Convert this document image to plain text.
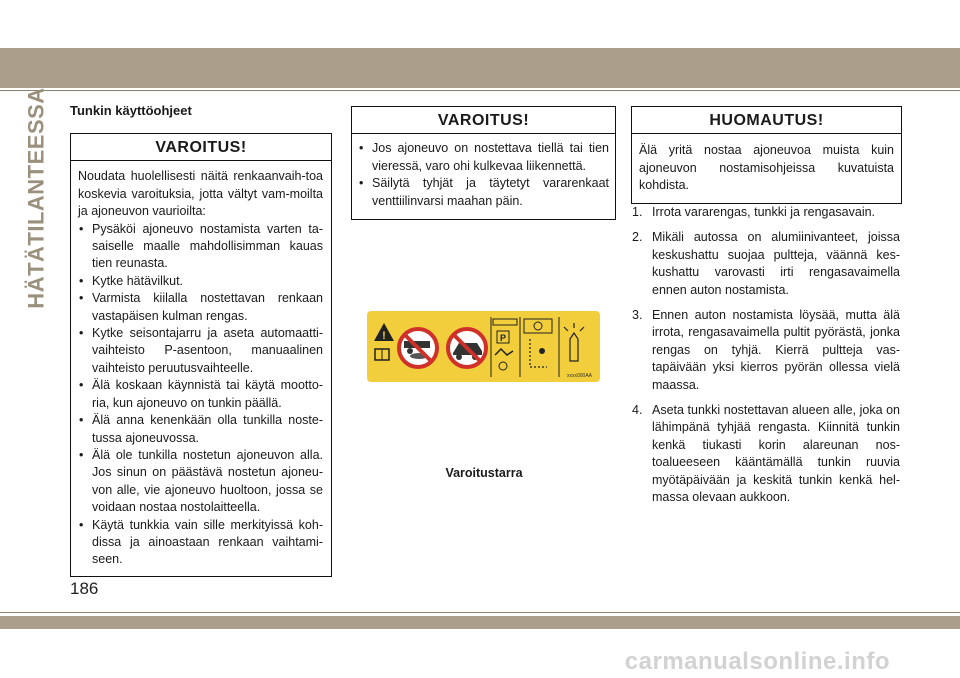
HÄTÄTILANTEESSA Tunkin käyttöohjeet
VAROITUS!
Noudata huolellisesti näitä renkaanvaih-toa koskevia varoituksia, jotta vältyt vam-moilta ja ajoneuvon vaurioilta:
• Pysäköi ajoneuvo nostamista varten ta-saiselle maalle mahdollisimman kauas tien reunasta.
• Kytke hätävilkut.
• Varmista kiilalla nostettavan renkaan vastapäisen kulman rengas.
• Kytke seisontajarru ja aseta automaatti-vaihteisto P-asentoon, manuaalinen vaihteisto peruutusvaihteelle.
• Älä koskaan käynnistä tai käytä mootto-ria, kun ajoneuvo on tunkin päällä.
• Älä anna kenenkään olla tunkilla noste-tussa ajoneuvossa.
• Älä ole tunkilla nostetun ajoneuvon alla. Jos sinun on päästävä nostetun ajoneu-von alle, vie ajoneuvo huoltoon, jossa se voidaan nostaa nostolaitteella.
• Käytä tunkkia vain sille merkityissä koh-dissa ja ainoastaan renkaan vaihtami-seen.
VAROITUS!
• Jos ajoneuvo on nostettava tiellä tai tien vieressä, varo ohi kulkevaa liikennettä.
• Säilytä tyhjät ja täytetyt vararenkaat venttiilinvarsi maahan päin.
!	P
xxxx000AA
Varoitustarra
HUOMAUTUS!
Älä yritä nostaa ajoneuvoa muista kuin ajoneuvon nostamisohjeissa kuvatuista kohdista.
1. Irrota vararengas, tunkki ja rengasavain.
2. Mikäli autossa on alumiinivanteet, joissa keskushattu suojaa pultteja, väännä kes-kushattu varovasti irti rengasavaimella ennen auton nostamista.
3. Ennen auton nostamista löysää, mutta älä irrota, rengasavaimella pultit pyörästä, jonka rengas on tyhjä. Kierrä pultteja vas-tapäivään yksi kierros pyörän ollessa vielä maassa.
4. Aseta tunkki nostettavan alueen alle, joka on lähimpänä tyhjää rengasta. Kiinnitä tunkin kenkä tiukasti korin alareunan nos-toalueeseen kääntämällä tunkin ruuvia myötäpäivään ja keskitä tunkin kenkä hel-massa olevaan aukkoon.
186
carmanualsonline.info
